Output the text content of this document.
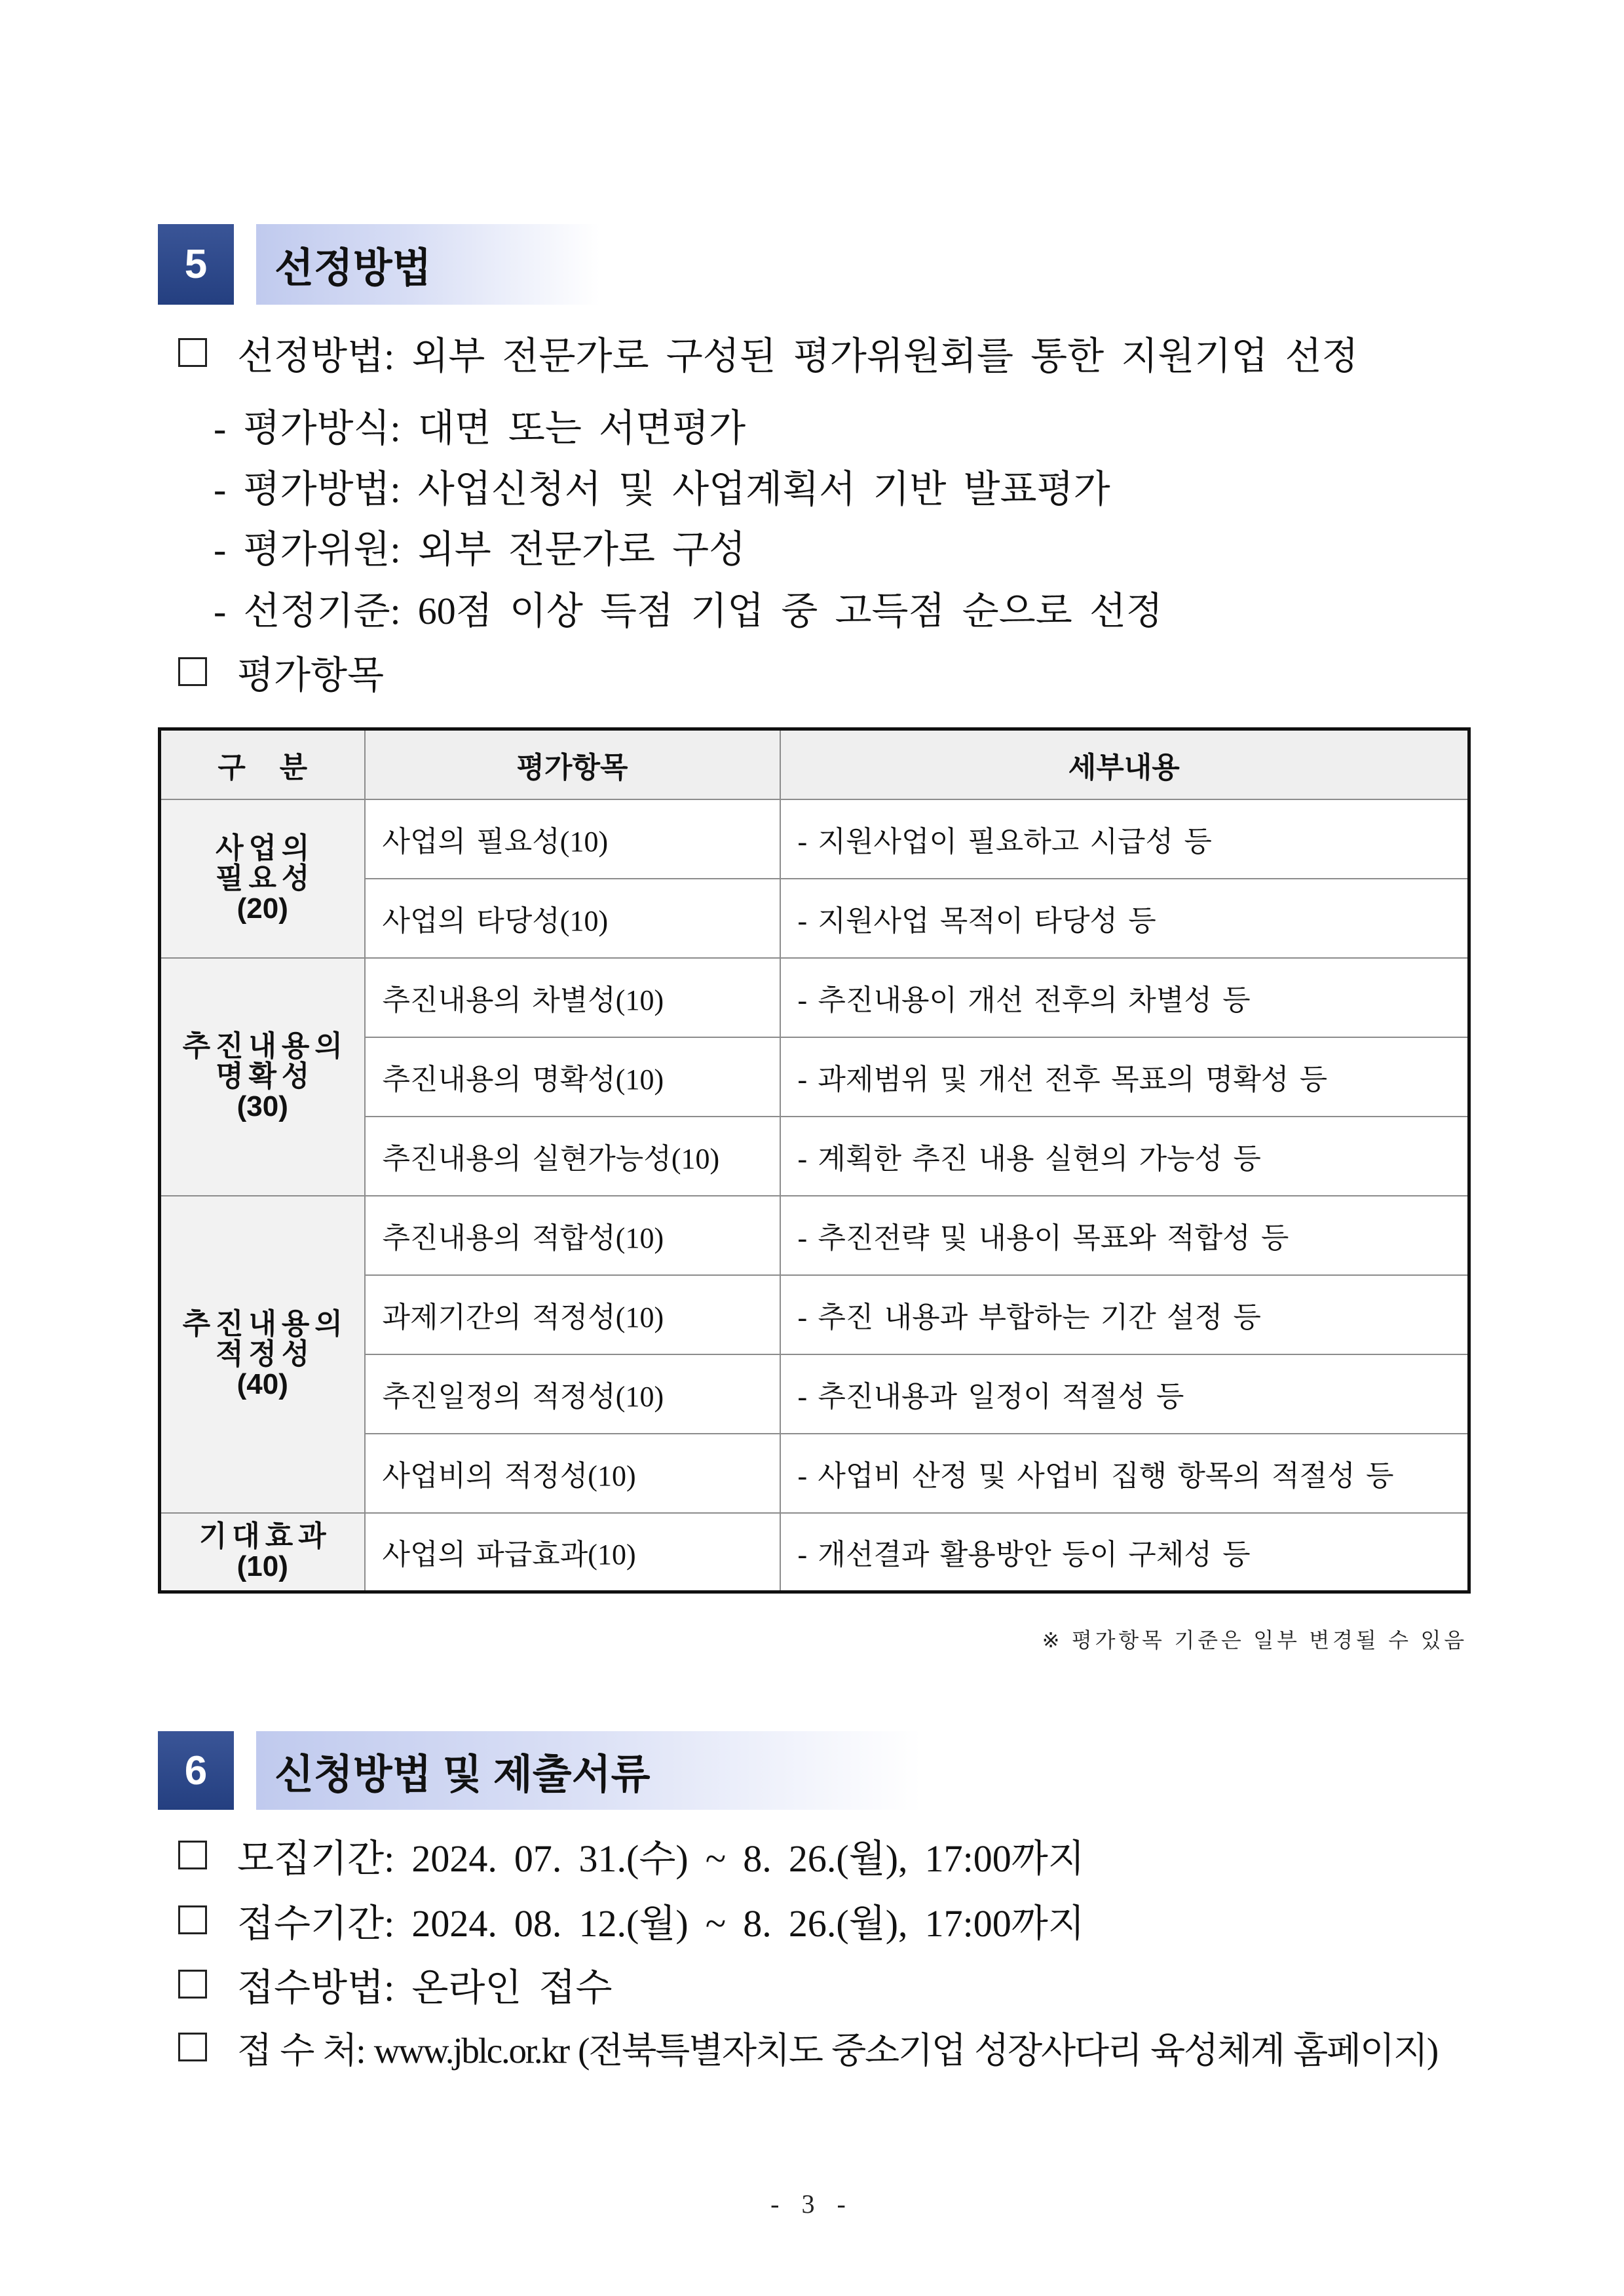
5	선정방법
선정방법: 외부 전문가로 구성된 평가위원회를 통한 지원기업 선정
- 평가방식: 대면 또는 서면평가
- 평가방법: 사업신청서 및 사업계획서 기반 발표평가
- 평가위원: 외부 전문가로 구성
- 선정기준: 60점 이상 득점 기업 중 고득점 순으로 선정
평가항목
구 분	평가항목	세부내용

사업의
필요성
(20)	사업의 필요성(10)	- 지원사업이 필요하고 시급성 등
	사업의 타당성(10)	- 지원사업 목적이 타당성 등

추진내용의
명확성
(30)	추진내용의 차별성(10)	- 추진내용이 개선 전후의 차별성 등
	추진내용의 명확성(10)	- 과제범위 및 개선 전후 목표의 명확성 등
	추진내용의 실현가능성(10)	- 계획한 추진 내용 실현의 가능성 등

추진내용의
적정성
(40)	추진내용의 적합성(10)	- 추진전략 및 내용이 목표와 적합성 등
	과제기간의 적정성(10)	- 추진 내용과 부합하는 기간 설정 등
	추진일정의 적정성(10)	- 추진내용과 일정이 적절성 등
	사업비의 적정성(10)	- 사업비 산정 및 사업비 집행 항목의 적절성 등

기대효과
(10)	사업의 파급효과(10)	- 개선결과 활용방안 등이 구체성 등
※ 평가항목 기준은 일부 변경될 수 있음
6	신청방법 및 제출서류
모집기간: 2024. 07. 31.(수) ~ 8. 26.(월), 17:00까지
접수기간: 2024. 08. 12.(월) ~ 8. 26.(월), 17:00까지
접수방법: 온라인 접수
접 수 처: www.jblc.or.kr (전북특별자치도 중소기업 성장사다리 육성체계 홈페이지)
- 3 -
